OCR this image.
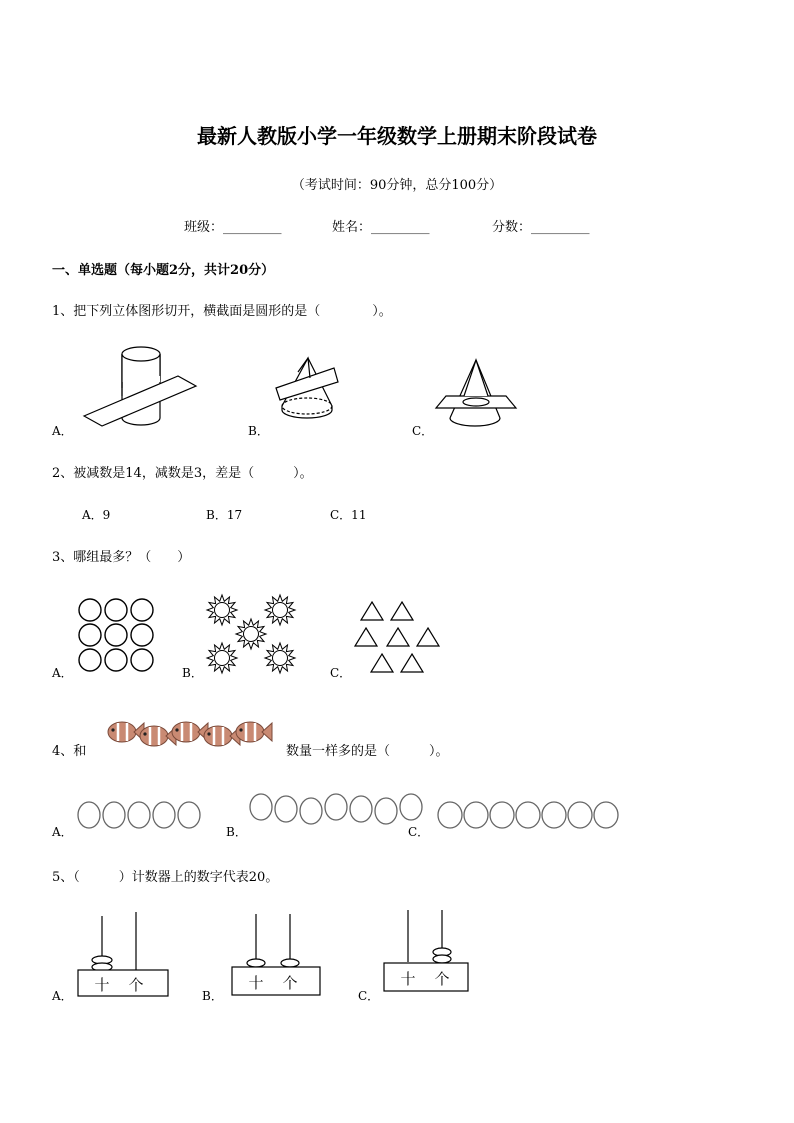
最新人教版小学一年级数学上册期末阶段试卷
（考试时间：90分钟，总分100分）
班级：_________	姓名：_________	分数：_________
一、单选题（每小题2分，共计20分）
1、把下列立体图形切开，横截面是圆形的是（　　　　）。
A．	B．	C．
2、被减数是14，减数是3，差是（　　　）。
A．9	B．17	C．11
3、哪组最多？（　　）
A．	B．	C．
4、和	数量一样多的是（　　　）。
A．	B．	C．
5、（　　　）计数器上的数字代表20。
A．
十 个
B．
十 个
C．
十 个
